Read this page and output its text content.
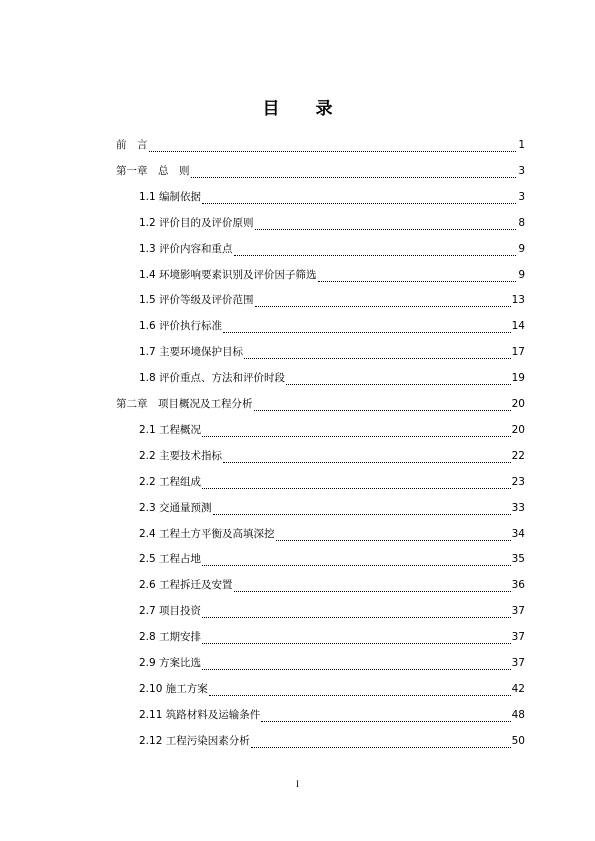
目 录
前　言	1
第一章　总　则	3
1.1 编制依据	3
1.2 评价目的及评价原则	8
1.3 评价内容和重点	9
1.4 环境影响要素识别及评价因子筛选	9
1.5 评价等级及评价范围	13
1.6 评价执行标准	14
1.7 主要环境保护目标	17
1.8 评价重点、方法和评价时段	19
第二章　项目概况及工程分析	20
2.1 工程概况	20
2.2 主要技术指标	22
2.2 工程组成	23
2.3 交通量预测	33
2.4 工程土方平衡及高填深挖	34
2.5 工程占地	35
2.6 工程拆迁及安置	36
2.7 项目投资	37
2.8 工期安排	37
2.9 方案比选	37
2.10 施工方案	42
2.11 筑路材料及运输条件	48
2.12 工程污染因素分析	50
I
